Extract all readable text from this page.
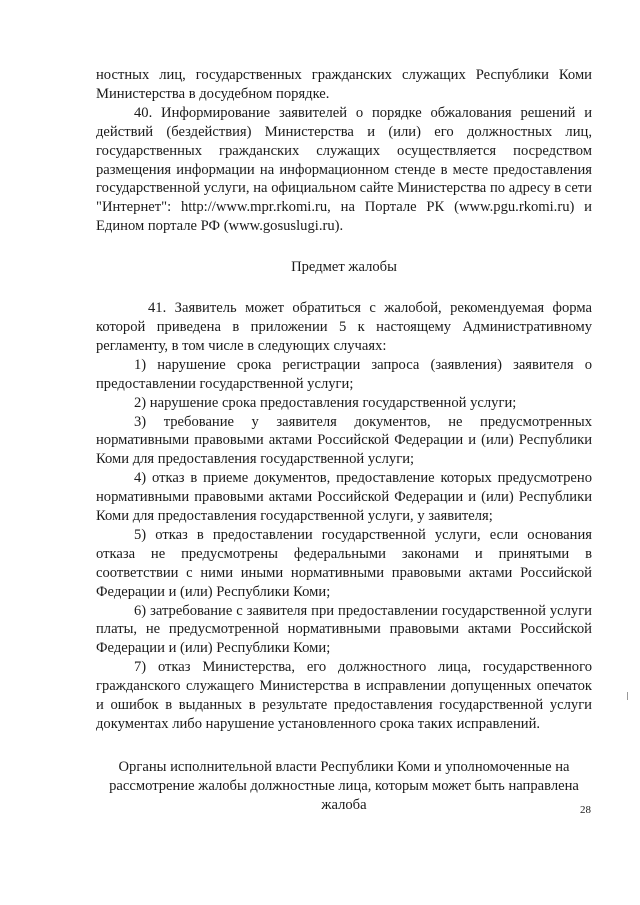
ностных лиц, государственных гражданских служащих Республики Коми Министерства в досудебном порядке.

40. Информирование заявителей о порядке обжалования решений и действий (бездействия) Министерства и (или) его должностных лиц, государственных гражданских служащих осуществляется посредством размещения информации на информационном стенде в месте предоставления государственной услуги, на официальном сайте Министерства по адресу в сети "Интернет": http://www.mpr.rkomi.ru, на Портале РК (www.pgu.rkomi.ru) и Едином портале РФ (www.gosuslugi.ru).

Предмет жалобы

41. Заявитель может обратиться с жалобой, рекомендуемая форма которой приведена в приложении 5 к настоящему Административному регламенту, в том числе в следующих случаях:

1) нарушение срока регистрации запроса (заявления) заявителя о предоставлении государственной услуги;

2) нарушение срока предоставления государственной услуги;

3) требование у заявителя документов, не предусмотренных нормативными правовыми актами Российской Федерации и (или) Республики Коми для предоставления государственной услуги;

4) отказ в приеме документов, предоставление которых предусмотрено нормативными правовыми актами Российской Федерации и (или) Республики Коми для предоставления государственной услуги, у заявителя;

5) отказ в предоставлении государственной услуги, если основания отказа не предусмотрены федеральными законами и принятыми в соответствии с ними иными нормативными правовыми актами Российской Федерации и (или) Республики Коми;

6) затребование с заявителя при предоставлении государственной услуги платы, не предусмотренной нормативными правовыми актами Российской Федерации и (или) Республики Коми;

7) отказ Министерства, его должностного лица, государственного гражданского служащего Министерства в исправлении допущенных опечаток и ошибок в выданных в результате предоставления государственной услуги документах либо нарушение установленного срока таких исправлений.

Органы исполнительной власти Республики Коми и уполномоченные на
рассмотрение жалобы должностные лица, которым может быть направлена
жалоба	28
